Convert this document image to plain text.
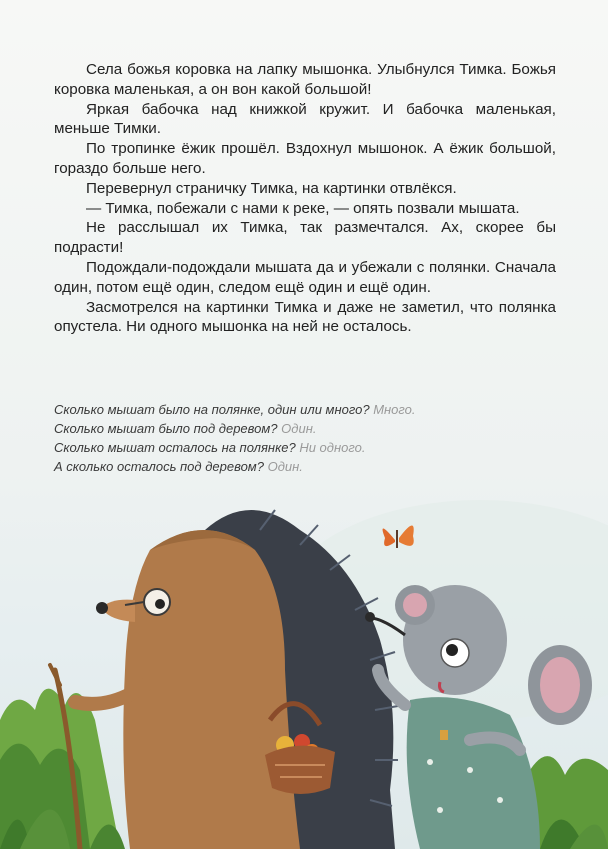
Села божья коровка на лапку мышонка. Улыбнулся Тимка. Божья коровка маленькая, а он вон какой большой!

Яркая бабочка над книжкой кружит. И бабочка маленькая, меньше Тимки.

По тропинке ёжик прошёл. Вздохнул мышонок. А ёжик большой, гораздо больше него.

Перевернул страничку Тимка, на картинки отвлёкся.

— Тимка, побежали с нами к реке, — опять позвали мышата.

Не расслышал их Тимка, так размечтался. Ах, скорее бы подрасти!

Подождали-подождали мышата да и убежали с полянки. Сначала один, потом ещё один, следом ещё один и ещё один.

Засмотрелся на картинки Тимка и даже не заметил, что полянка опустела. Ни одного мышонка на ней не осталось.

Сколько мышат было на полянке, один или много? Много.

Сколько мышат было под деревом? Один.

Сколько мышат осталось на полянке? Ни одного.

А сколько осталось под деревом? Один.
